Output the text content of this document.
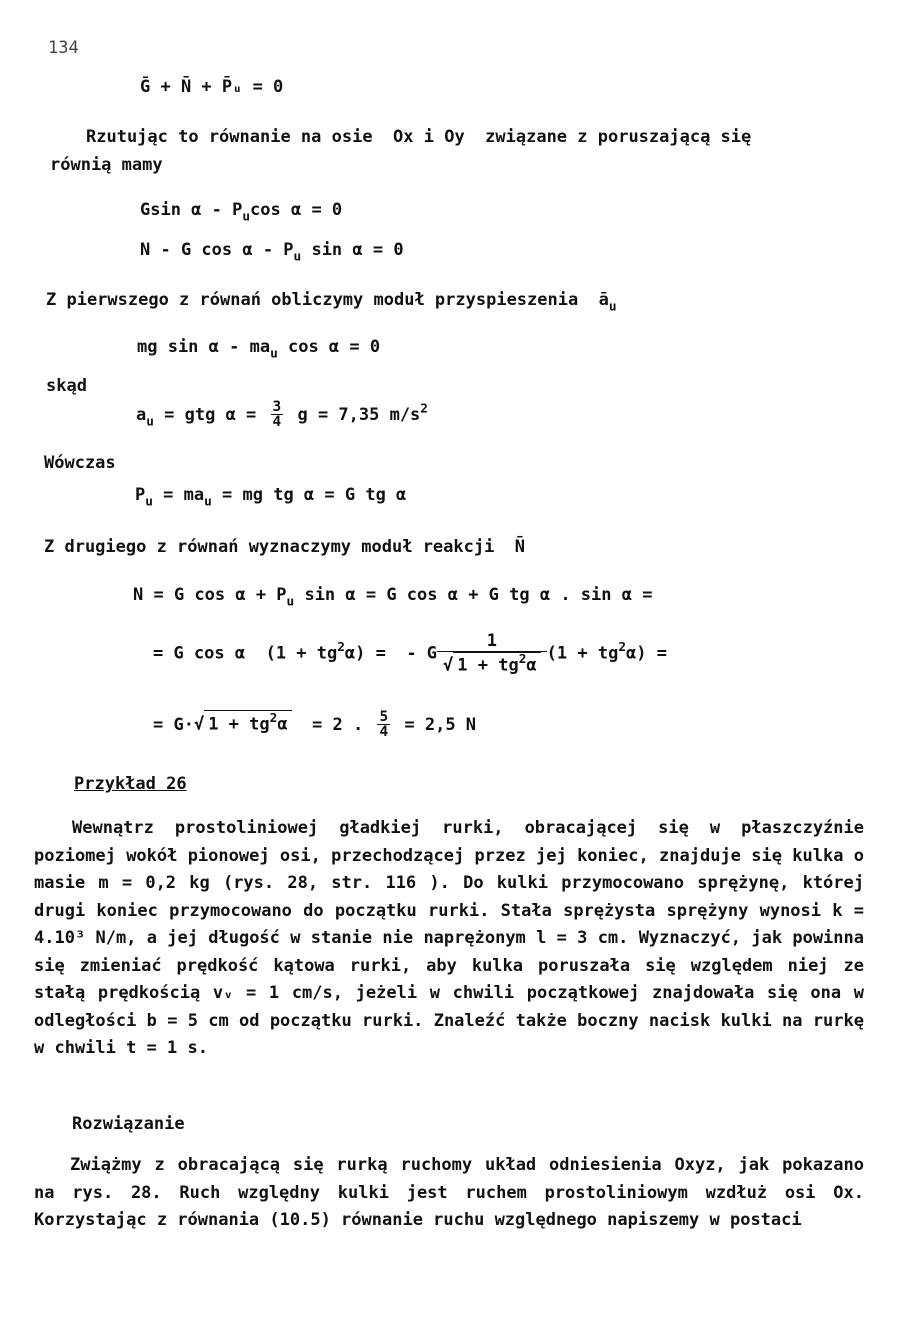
134
Ḡ + N̄ + P̄ᵤ = 0
Rzutując to równanie na osie  Ox i Oy  związane z poruszającą się
równią mamy
Gsin α - $P_u\cos$ α = 0
N - G cos α - $P_u$ sin α = 0
Z pierwszego z równań obliczymy moduł przyspieszenia  $ā_u$
mg sin α - $ma_u$ cos α = 0
skąd
$a_u$ = gtg $\alpha = \frac{3}{4}$ g = 7,35 $m/s^2$
Wówczas
$P_u = ma_u$ = mg tg α = G tg α
Z drugiego z równań wyznaczymy moduł reakcji  N̄
N = G $\cos \alpha + P_u$ sin α = G cos α + G tg α . sin α =
= G cos α  $(1 + tg^2\alpha)$ =  - G $\frac{1}{√ 1 + tg^2\alpha} (1 + tg^2\alpha)$ =
= G·√ $1 + tg^2\alpha = 2$ . $\frac{5}{4} = 2,5$ N
Przykład 26
Wewnątrz prostoliniowej gładkiej rurki, obracającej się w płaszczyźnie poziomej wokół pionowej osi, przechodzącej przez jej koniec, znajduje się kulka o masie m = 0,2 kg (rys. 28, str. 116 ). Do kulki przymocowano sprężynę, której drugi koniec przymocowano do początku rurki. Stała sprężysta sprężyny wynosi k = 4.10³ N/m, a jej długość w stanie nie naprężonym l = 3 cm. Wyznaczyć, jak powinna się zmieniać prędkość kątowa rurki, aby kulka poruszała się względem niej ze stałą prędkością vᵥ = 1 cm/s, jeżeli w chwili początkowej znajdowała się ona w odległości b = 5 cm od początku rurki. Znaleźć także boczny nacisk kulki na rurkę w chwili t = 1 s.
Rozwiązanie
Zwiążmy z obracającą się rurką ruchomy układ odniesienia Oxyz, jak pokazano na rys. 28. Ruch względny kulki jest ruchem prostoliniowym wzdłuż osi Ox. Korzystając z równania (10.5) równanie ruchu względnego napiszemy w postaci
